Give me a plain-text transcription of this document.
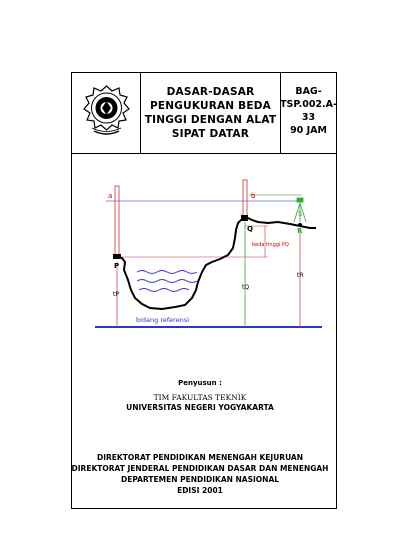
DASAR-DASAR
PENGUKURAN BEDA
TINGGI DENGAN ALAT
SIPAT DATAR
BAG-
TSP.002.A-33
90 JAM
a	b
S
R
P
Q
beda tinggi PQ
tP
tQ
tR
bidang referensi
Penyusun :
TIM FAKULTAS TEKNIK
UNIVERSITAS NEGERI YOGYAKARTA
DIREKTORAT PENDIDIKAN MENENGAH KEJURUAN
DIREKTORAT JENDERAL PENDIDIKAN DASAR DAN MENENGAH
DEPARTEMEN PENDIDIKAN NASIONAL
EDISI 2001
